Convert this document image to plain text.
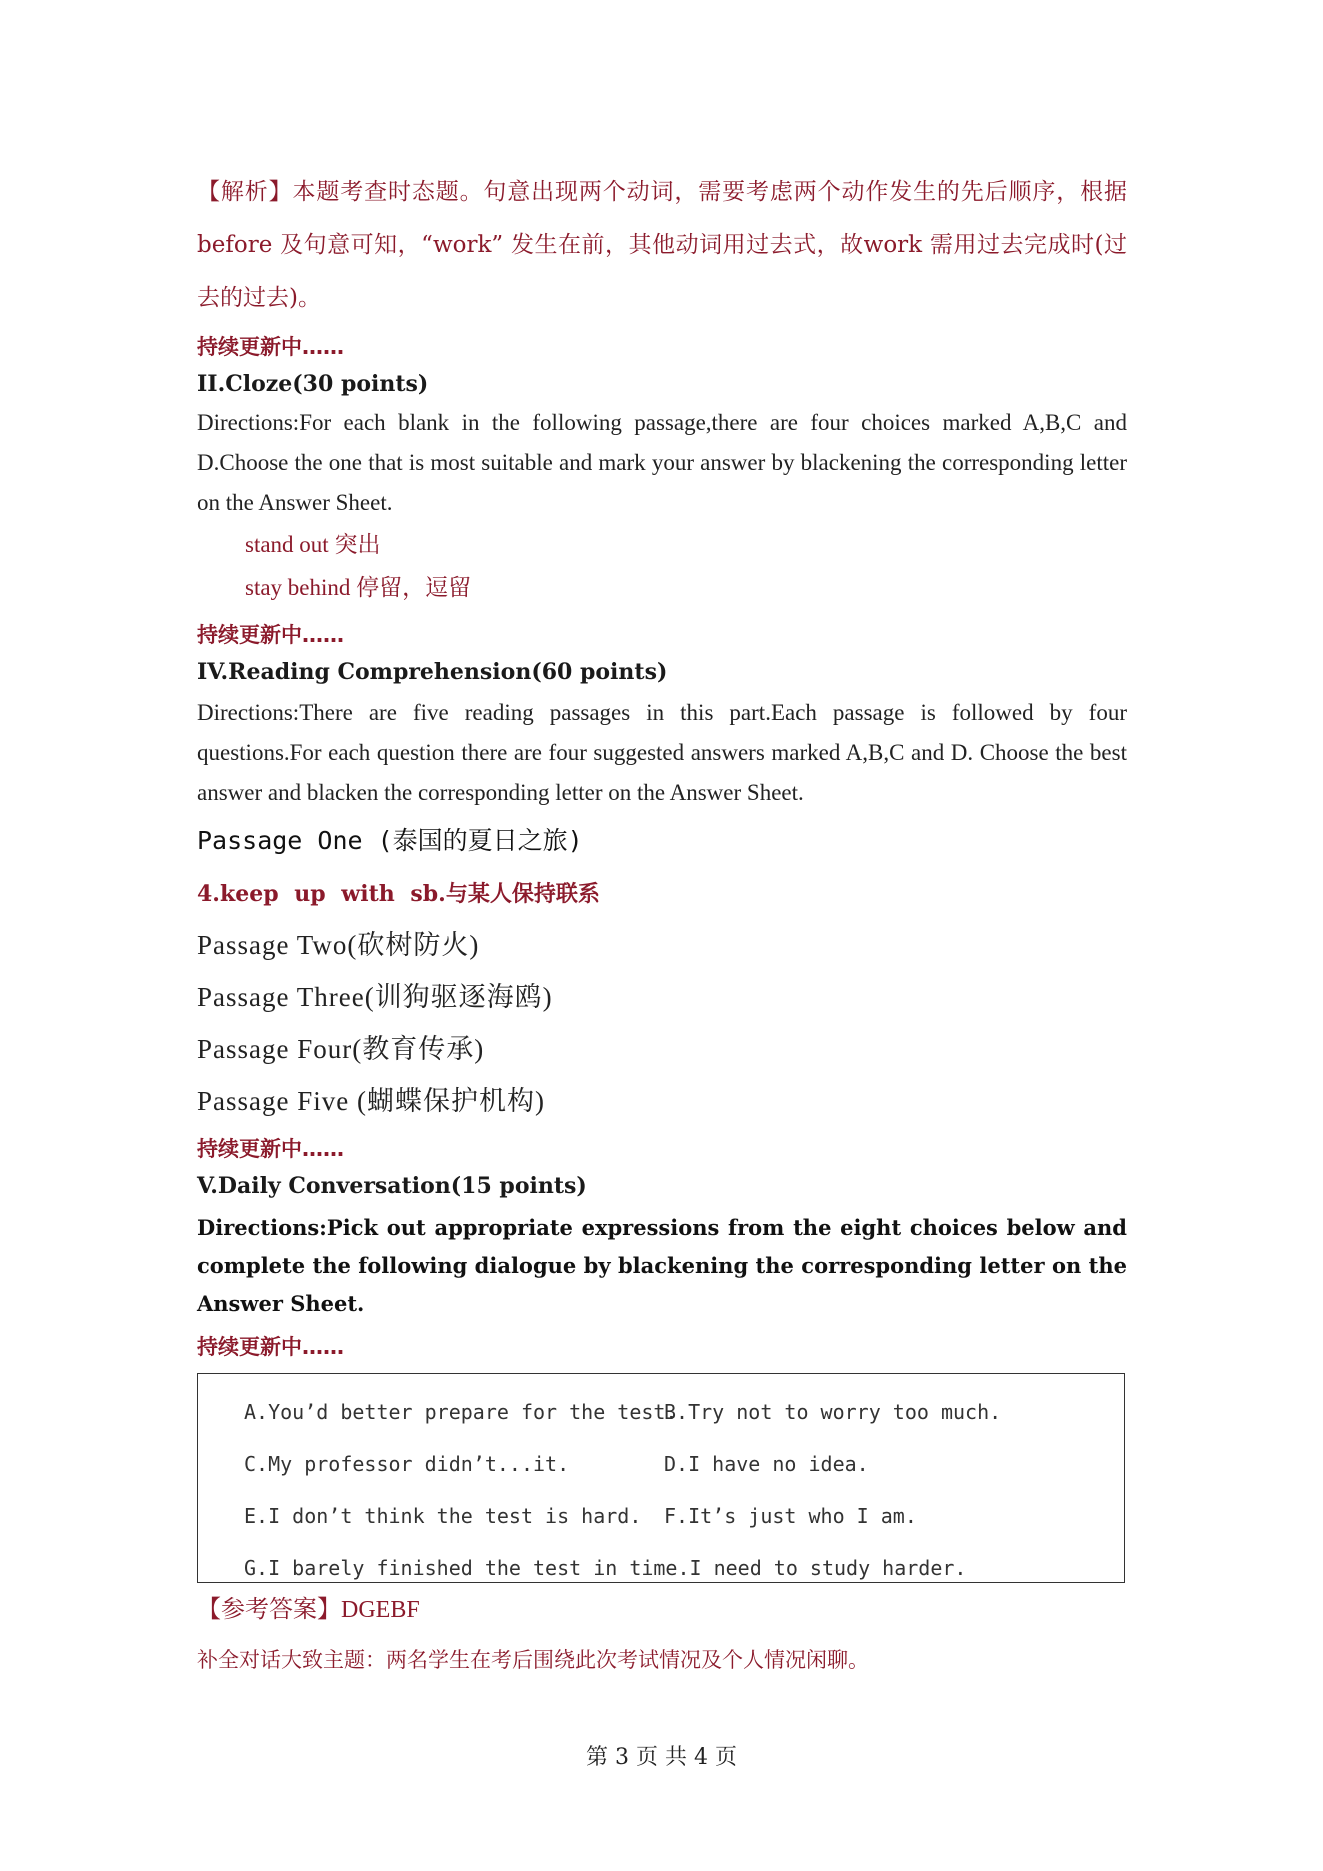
【解析】本题考查时态题。句意出现两个动词，需要考虑两个动作发生的先后顺序，根据before 及句意可知，“work” 发生在前，其他动词用过去式，故work 需用过去完成时(过去的过去)。

持续更新中……

II.Cloze(30 points)

Directions:For each blank in the following passage,there are four choices marked A,B,C and D.Choose the one that is most suitable and mark your answer by blackening the corresponding letter on the Answer Sheet.

stand out 突出

stay behind 停留，逗留

持续更新中……

IV.Reading Comprehension(60 points)

Directions:There are five reading passages in this part.Each passage is followed by four questions.For each question there are four suggested answers marked A,B,C and D. Choose the best answer and blacken the corresponding letter on the Answer Sheet.

Passage One (泰国的夏日之旅)

4.keep up with sb.与某人保持联系

Passage Two(砍树防火)

Passage Three(训狗驱逐海鸥)

Passage Four(教育传承)

Passage Five (蝴蝶保护机构)

持续更新中……

V.Daily Conversation(15 points)

Directions:Pick out appropriate expressions from the eight choices below and complete the following dialogue by blackening the corresponding letter on the Answer Sheet.

持续更新中……

A.You’d better prepare for the test.
B.Try not to worry too much.
C.My professor didn’t...it.	D.I have no idea.
E.I don’t think the test is hard.	F.It’s just who I am.
G.I barely finished the test in time.I need to study harder.

【参考答案】DGEBF

补全对话大致主题：两名学生在考后围绕此次考试情况及个人情况闲聊。

第 3 页 共 4 页
